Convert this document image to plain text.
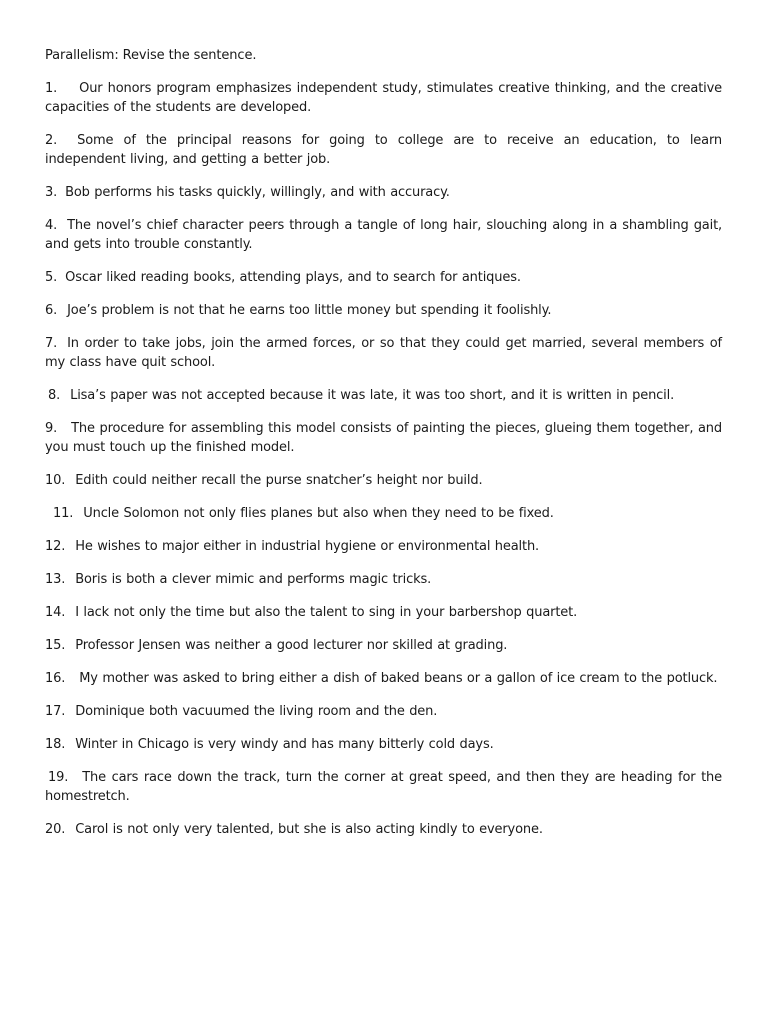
Parallelism: Revise the sentence.

1. Our honors program emphasizes independent study, stimulates creative thinking, and the creative capacities of the students are developed.

2. Some of the principal reasons for going to college are to receive an education, to learn independent living, and getting a better job.

3. Bob performs his tasks quickly, willingly, and with accuracy.

4. The novel’s chief character peers through a tangle of long hair, slouching along in a shambling gait, and gets into trouble constantly.

5. Oscar liked reading books, attending plays, and to search for antiques.

6. Joe’s problem is not that he earns too little money but spending it foolishly.

7. In order to take jobs, join the armed forces, or so that they could get married, several members of my class have quit school.

8. Lisa’s paper was not accepted because it was late, it was too short, and it is written in pencil.

9. The procedure for assembling this model consists of painting the pieces, glueing them together, and you must touch up the finished model.

10. Edith could neither recall the purse snatcher’s height nor build.

11. Uncle Solomon not only flies planes but also when they need to be fixed.

12. He wishes to major either in industrial hygiene or environmental health.

13. Boris is both a clever mimic and performs magic tricks.

14. I lack not only the time but also the talent to sing in your barbershop quartet.

15. Professor Jensen was neither a good lecturer nor skilled at grading.

16. My mother was asked to bring either a dish of baked beans or a gallon of ice cream to the potluck.

17. Dominique both vacuumed the living room and the den.

18. Winter in Chicago is very windy and has many bitterly cold days.

19. The cars race down the track, turn the corner at great speed, and then they are heading for the homestretch.

20. Carol is not only very talented, but she is also acting kindly to everyone.
